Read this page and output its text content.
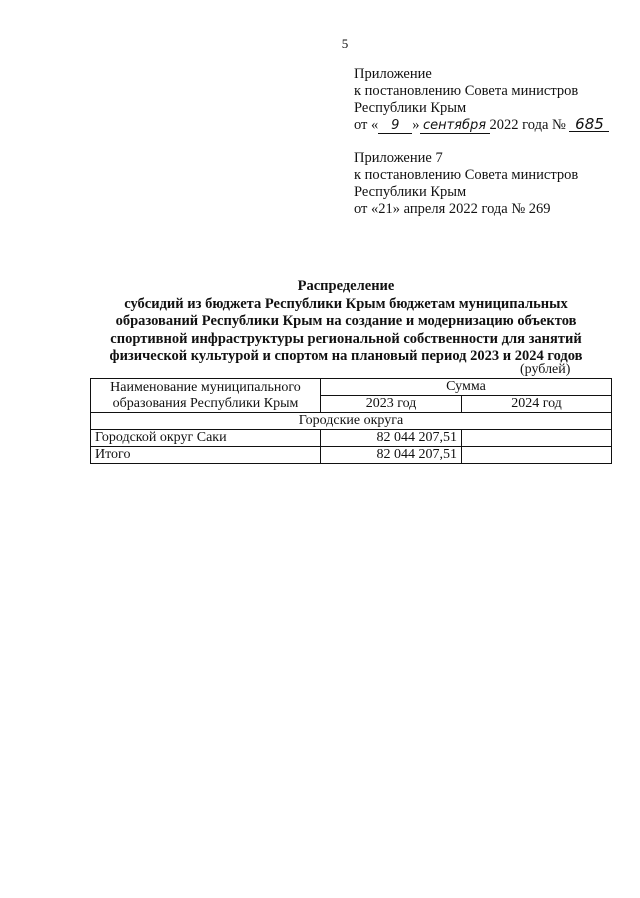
5
Приложение
к постановлению Совета министров
Республики Крым
от « 9 » сентября 2022 года № 685
Приложение 7
к постановлению Совета министров
Республики Крым
от «21» апреля 2022 года № 269
Распределение
субсидий из бюджета Республики Крым бюджетам муниципальных
образований Республики Крым на создание и модернизацию объектов
спортивной инфраструктуры региональной собственности для занятий
физической культурой и спортом на плановый период 2023 и 2024 годов
(рублей)
Наименование муниципального образования Республики Крым	Сумма	
	2023 год	2024 год
Городские округа		
Городской округ Саки	82 044 207,51	
Итого	82 044 207,51	
